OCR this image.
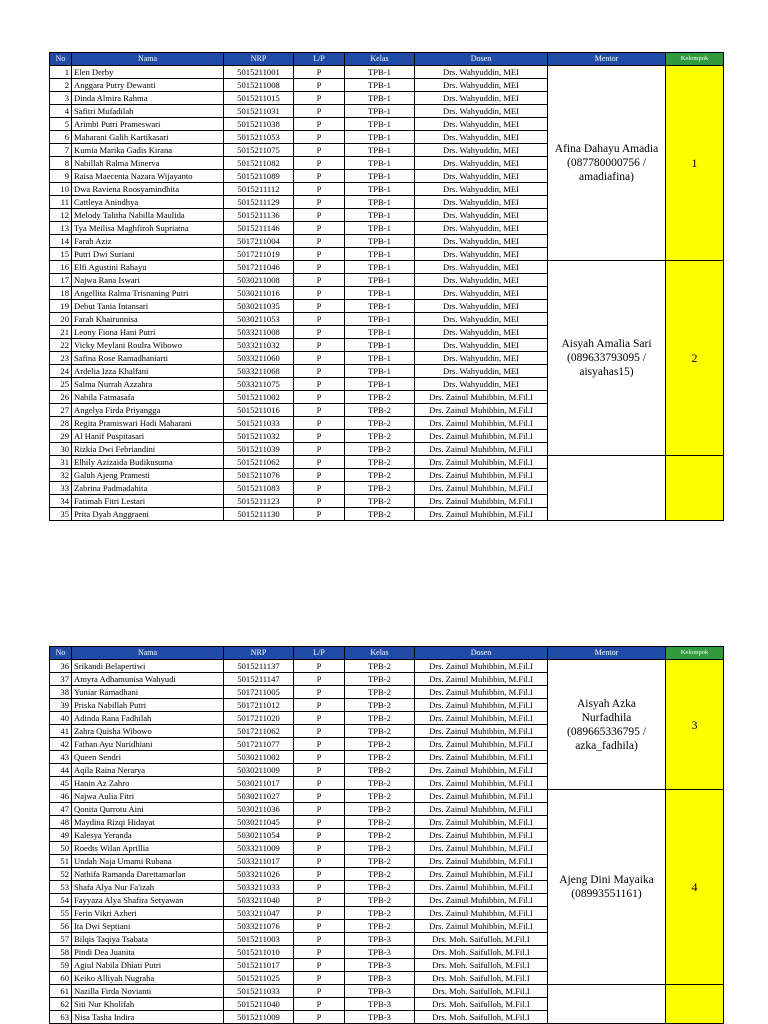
No	Nama	NRP	L/P	Kelas	Dosen	Mentor	Kelompok
1	Elen Derby	5015211001	P	TPB-1	Drs. Wahyuddin, MEI	Afina Dahayu Amadia (087780000756 / amadiafina)	1
2	Anggara Putry Dewanti	5015211008	P	TPB-1	Drs. Wahyuddin, MEI		
3	Dinda Almira Rahma	5015211015	P	TPB-1	Drs. Wahyuddin, MEI		
4	Safitri Mufadilah	5015211031	P	TPB-1	Drs. Wahyuddin, MEI		
5	Arimbi Putri Prameswari	5015211038	P	TPB-1	Drs. Wahyuddin, MEI		
6	Maharani Galih Kartikasari	5015211053	P	TPB-1	Drs. Wahyuddin, MEI		
7	Kumia Marika Gadis Kirana	5015211075	P	TPB-1	Drs. Wahyuddin, MEI		
8	Nabillah Ralma Minerva	5015211082	P	TPB-1	Drs. Wahyuddin, MEI		
9	Raisa Maecenta Nazara Wijayanto	5015211089	P	TPB-1	Drs. Wahyuddin, MEI		
10	Dwa Raviena Roosyamindhita	5015211112	P	TPB-1	Drs. Wahyuddin, MEI		
11	Cattleya Anindhya	5015211129	P	TPB-1	Drs. Wahyuddin, MEI		
12	Melody Talitha Nabilla Maulida	5015211136	P	TPB-1	Drs. Wahyuddin, MEI		
13	Tya Meilisa Maghfiroh Supriatna	5015211146	P	TPB-1	Drs. Wahyuddin, MEI		
14	Farah Aziz	5017211004	P	TPB-1	Drs. Wahyuddin, MEI		
15	Putri Dwi Suriani	5017211019	P	TPB-1	Drs. Wahyuddin, MEI		
16	Elfi Agustini Rahayu	5017211046	P	TPB-1	Drs. Wahyuddin, MEI	Aisyah Amalia Sari (089633793095 / aisyahas15)	2
17	Najwa Rana Iswari	5030211008	P	TPB-1	Drs. Wahyuddin, MEI		
18	Angellita Ralma Trisnaning Putri	5030211016	P	TPB-1	Drs. Wahyuddin, MEI		
19	Debut Tania Intansari	5030211035	P	TPB-1	Drs. Wahyuddin, MEI		
20	Farah Khairunnisa	5030211053	P	TPB-1	Drs. Wahyuddin, MEI		
21	Leony Fiona Hani Putri	5033211008	P	TPB-1	Drs. Wahyuddin, MEI		
22	Vicky Meylani Roulra Wibowo	5033211032	P	TPB-1	Drs. Wahyuddin, MEI		
23	Safina Rose Ramadhaniarti	5033211060	P	TPB-1	Drs. Wahyuddin, MEI		
24	Ardelia Izza Khalfani	5033211068	P	TPB-1	Drs. Wahyuddin, MEI		
25	Salma Nurrah Azzahra	5033211075	P	TPB-1	Drs. Wahyuddin, MEI		
26	Nabila Fatmasafa	5015211002	P	TPB-2	Drs. Zainul Muhibbin, M.Fil.I		
27	Angelya Firda Priyangga	5015211016	P	TPB-2	Drs. Zainul Muhibbin, M.Fil.I		
28	Regita Pramiswari Hadi Maharani	5015211033	P	TPB-2	Drs. Zainul Muhibbin, M.Fil.I		
29	Al Hanif Puspitasari	5015211032	P	TPB-2	Drs. Zainul Muhibbin, M.Fil.I		
30	Rizkia Dwi Febriandini	5015211039	P	TPB-2	Drs. Zainul Muhibbin, M.Fil.I		
31	Elhily Azizaida Budikusuma	5015211062	P	TPB-2	Drs. Zainul Muhibbin, M.Fil.I		
32	Galuh Ajeng Pramesti	5015211076	P	TPB-2	Drs. Zainul Muhibbin, M.Fil.I		
33	Zabrina Padmadahita	5015211083	P	TPB-2	Drs. Zainul Muhibbin, M.Fil.I		
34	Fatimah Fitri Lestari	5015211123	P	TPB-2	Drs. Zainul Muhibbin, M.Fil.I		
35	Prita Dyah Anggraeni	5015211130	P	TPB-2	Drs. Zainul Muhibbin, M.Fil.I		
No	Nama	NRP	L/P	Kelas	Dosen	Mentor	Kelompok
36	Srikandi Belapertiwi	5015211137	P	TPB-2	Drs. Zainul Muhibbin, M.Fil.I	Aisyah Azka Nurfadhila (089665336795 / azka_fadhila)	3
37	Amyra Adhamunisa Wahyudi	5015211147	P	TPB-2	Drs. Zainul Muhibbin, M.Fil.I		
38	Yuniar Ramadhani	5017211005	P	TPB-2	Drs. Zainul Muhibbin, M.Fil.I		
39	Priska Nabillah Putri	5017211012	P	TPB-2	Drs. Zainul Muhibbin, M.Fil.I		
40	Adinda Rana Fadhilah	5017211020	P	TPB-2	Drs. Zainul Muhibbin, M.Fil.I		
41	Zahra Quisha Wibowo	5017211062	P	TPB-2	Drs. Zainul Muhibbin, M.Fil.I		
42	Fathan Ayu Nuridhiani	5017211077	P	TPB-2	Drs. Zainul Muhibbin, M.Fil.I		
43	Queen Sendri	5030211002	P	TPB-2	Drs. Zainul Muhibbin, M.Fil.I		
44	Aqila Raina Nerarya	5030211009	P	TPB-2	Drs. Zainul Muhibbin, M.Fil.I		
45	Hanin Az Zahro	5030211017	P	TPB-2	Drs. Zainul Muhibbin, M.Fil.I		
46	Najwa Aulia Fitri	5030211027	P	TPB-2	Drs. Zainul Muhibbin, M.Fil.I	Ajeng Dini Mayaika (08993551161)	4
47	Qonita Qurrotu Aini	5030211036	P	TPB-2	Drs. Zainul Muhibbin, M.Fil.I		
48	Maydina Rizqi Hidayat	5030211045	P	TPB-2	Drs. Zainul Muhibbin, M.Fil.I		
49	Kalesya Yeranda	5030211054	P	TPB-2	Drs. Zainul Muhibbin, M.Fil.I		
50	Roedts Wilan Aprillia	5033211009	P	TPB-2	Drs. Zainul Muhibbin, M.Fil.I		
51	Undah Naja Umami Rubana	5033211017	P	TPB-2	Drs. Zainul Muhibbin, M.Fil.I		
52	Nathifa Ramanda Darettamarlan	5033211026	P	TPB-2	Drs. Zainul Muhibbin, M.Fil.I		
53	Shafa Alya Nur Fa'izah	5033211033	P	TPB-2	Drs. Zainul Muhibbin, M.Fil.I		
54	Fayyaza Alya Shafira Setyawan	5033211040	P	TPB-2	Drs. Zainul Muhibbin, M.Fil.I		
55	Ferin Vikri Azheri	5033211047	P	TPB-2	Drs. Zainul Muhibbin, M.Fil.I		
56	Ita Dwi Septiani	5033211076	P	TPB-2	Drs. Zainul Muhibbin, M.Fil.I		
57	Bilqis Taqiya Tsabata	5015211003	P	TPB-3	Drs. Moh. Saifulloh, M.Fil.I		
58	Pindi Dea Juanita	5015211010	P	TPB-3	Drs. Moh. Saifulloh, M.Fil.I		
59	Agiul Nabila Dhiati Putri	5015211017	P	TPB-3	Drs. Moh. Saifulloh, M.Fil.I		
60	Keiko Alliyah Nugraha	5015211025	P	TPB-3	Drs. Moh. Saifulloh, M.Fil.I		
61	Nazilla Firda Novianti	5015211033	P	TPB-3	Drs. Moh. Saifulloh, M.Fil.I		
62	Siti Nur Kholifah	5015211040	P	TPB-3	Drs. Moh. Saifulloh, M.Fil.I		
63	Nisa Tasha Indira	5015211009	P	TPB-3	Drs. Moh. Saifulloh, M.Fil.I		
